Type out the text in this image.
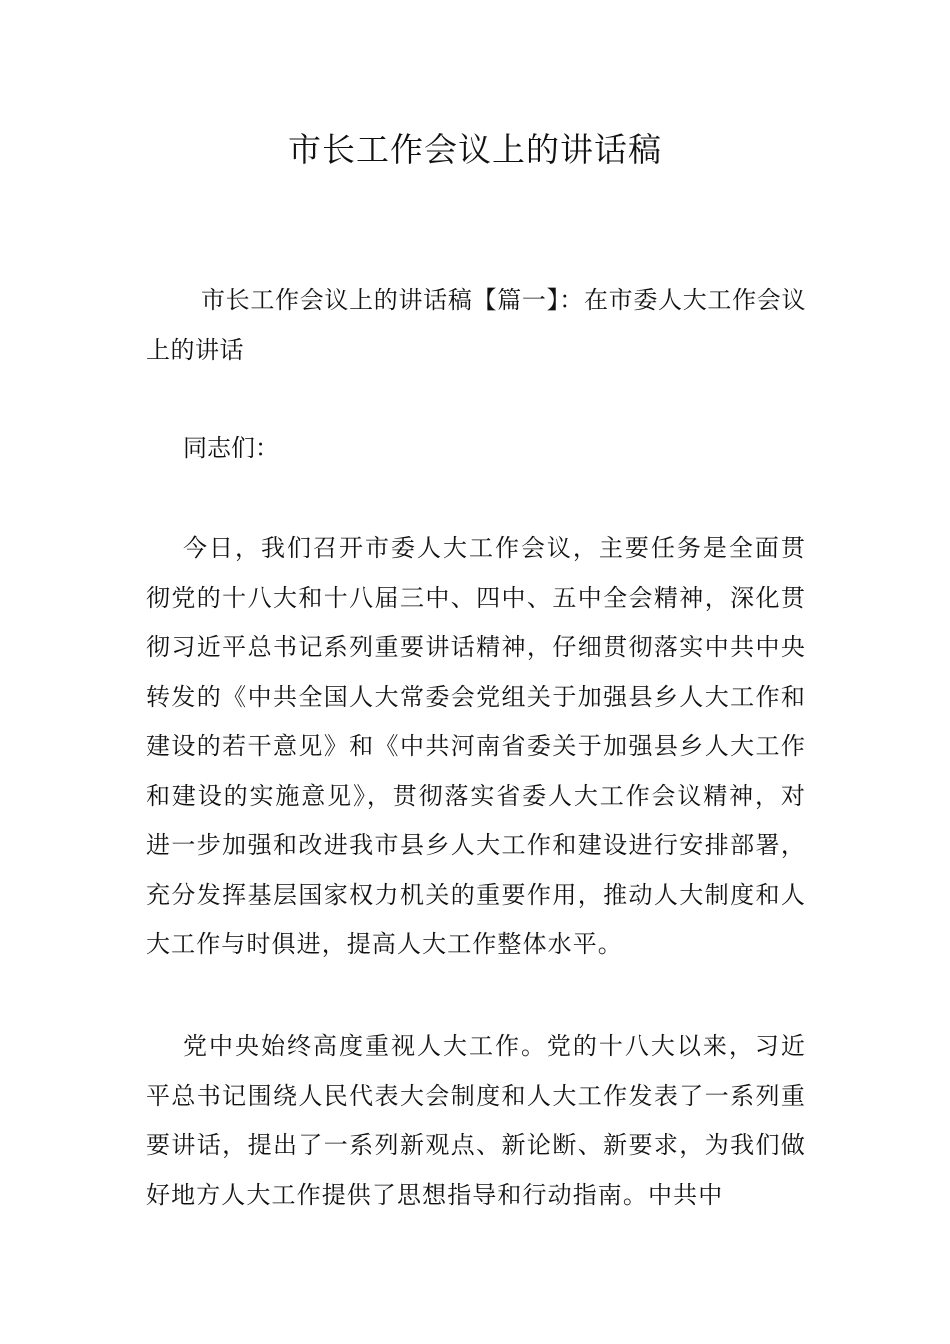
市长工作会议上的讲话稿

市长工作会议上的讲话稿【篇一】：在市委人大工作会议上的讲话

同志们：

今日，我们召开市委人大工作会议，主要任务是全面贯彻党的十八大和十八届三中、四中、五中全会精神，深化贯彻习近平总书记系列重要讲话精神，仔细贯彻落实中共中央转发的《中共全国人大常委会党组关于加强县乡人大工作和建设的若干意见》和《中共河南省委关于加强县乡人大工作和建设的实施意见》，贯彻落实省委人大工作会议精神，对进一步加强和改进我市县乡人大工作和建设进行安排部署，充分发挥基层国家权力机关的重要作用，推动人大制度和人大工作与时俱进，提高人大工作整体水平。

党中央始终高度重视人大工作。党的十八大以来，习近平总书记围绕人民代表大会制度和人大工作发表了一系列重要讲话，提出了一系列新观点、新论断、新要求，为我们做好地方人大工作提供了思想指导和行动指南。中共中
